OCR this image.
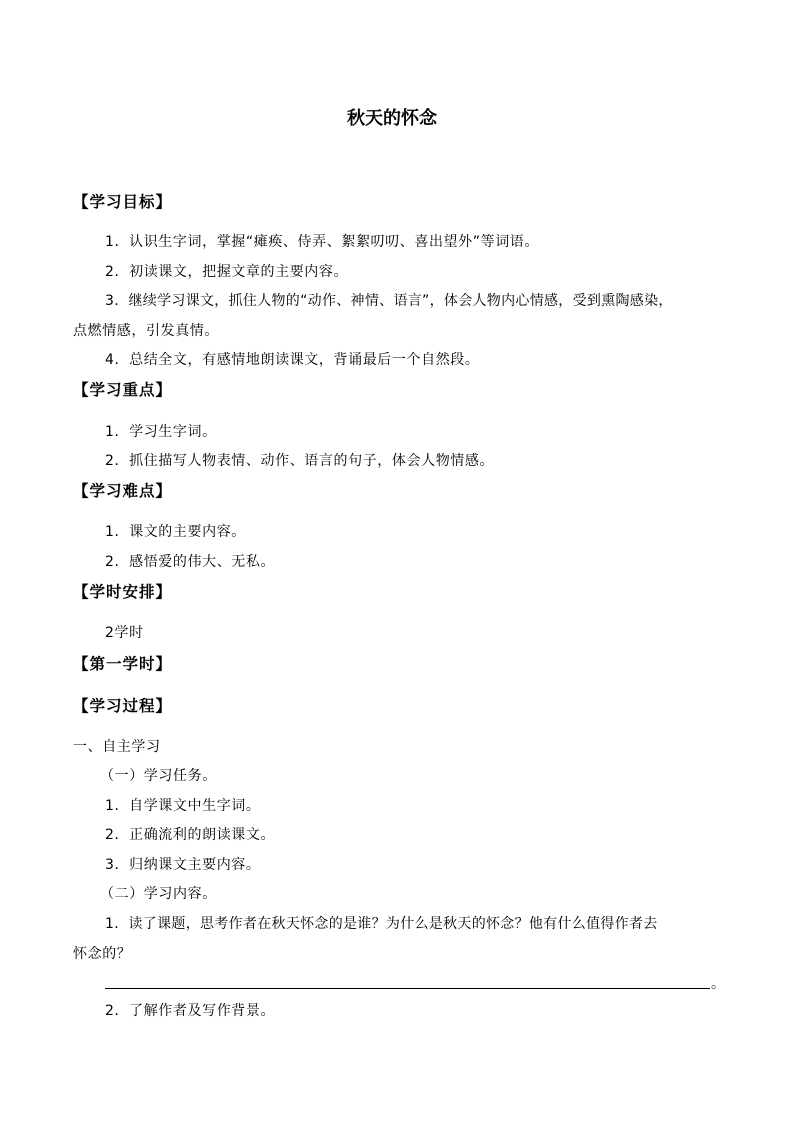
秋天的怀念
【学习目标】
1．认识生字词，掌握“瘫痪、侍弄、絮絮叨叨、喜出望外”等词语。
2．初读课文，把握文章的主要内容。
3．继续学习课文，抓住人物的“动作、神情、语言”，体会人物内心情感，受到熏陶感染，
点燃情感，引发真情。
4．总结全文，有感情地朗读课文，背诵最后一个自然段。
【学习重点】
1．学习生字词。
2．抓住描写人物表情、动作、语言的句子，体会人物情感。
【学习难点】
1．课文的主要内容。
2．感悟爱的伟大、无私。
【学时安排】
2学时
【第一学时】
【学习过程】
一、自主学习
（一）学习任务。
1．自学课文中生字词。
2．正确流利的朗读课文。
3．归纳课文主要内容。
（二）学习内容。
1．读了课题，思考作者在秋天怀念的是谁？为什么是秋天的怀念？他有什么值得作者去
怀念的？
。
2．了解作者及写作背景。
